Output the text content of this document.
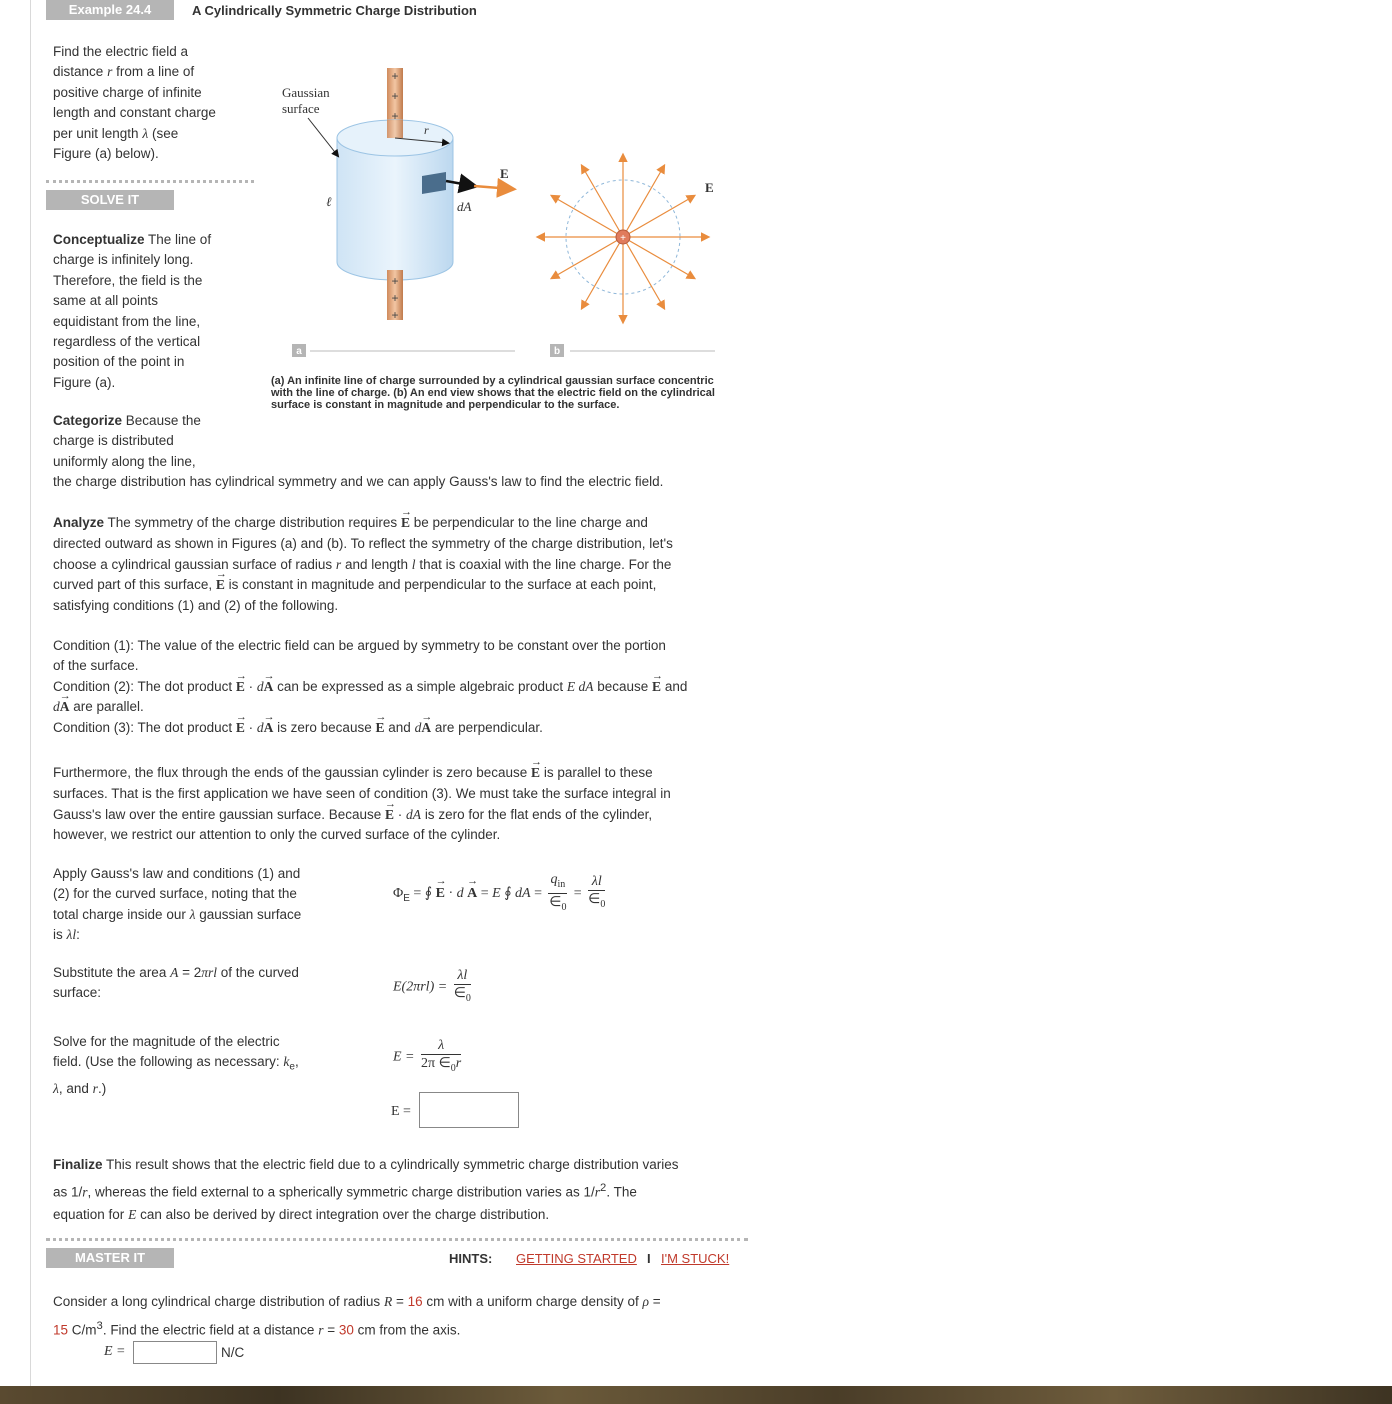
Example 24.4	A Cylindrically Symmetric Charge Distribution
Find the electric field a
distance r from a line of
positive charge of infinite
length and constant charge
per unit length λ (see
Figure (a) below).
SOLVE IT
Conceptualize The line of
charge is infinitely long.
Therefore, the field is the
same at all points
equidistant from the line,
regardless of the vertical
position of the point in
Figure (a).
+
+
+
+
+
+
r
dA
E
Gaussian
surface
ℓ
+
E
a	b
(a) An infinite line of charge surrounded by a cylindrical gaussian surface concentric with the line of charge. (b) An end view shows that the electric field on the cylindrical surface is constant in magnitude and perpendicular to the surface.
Categorize Because the
charge is distributed
uniformly along the line,
the charge distribution has cylindrical symmetry and we can apply Gauss's law to find the electric field.
Analyze The symmetry of the charge distribution requires → E be perpendicular to the line charge and
directed outward as shown in Figures (a) and (b). To reflect the symmetry of the charge distribution, let's
choose a cylindrical gaussian surface of radius r and length l that is coaxial with the line charge. For the
curved part of this surface, → E is constant in magnitude and perpendicular to the surface at each point,
satisfying conditions (1) and (2) of the following.
Condition (1): The value of the electric field can be argued by symmetry to be constant over the portion
of the surface.
Condition (2): The dot product → E · d→ A can be expressed as a simple algebraic product E dA because → E and
d→ A are parallel.
Condition (3): The dot product → E · d→ A is zero because → E and d→ A are perpendicular.
Furthermore, the flux through the ends of the gaussian cylinder is zero because → E is parallel to these
surfaces. That is the first application we have seen of condition (3). We must take the surface integral in
Gauss's law over the entire gaussian surface. Because → E · dA is zero for the flat ends of the cylinder,
however, we restrict our attention to only the curved surface of the cylinder.
Apply Gauss's law and conditions (1) and
(2) for the curved surface, noting that the
total charge inside our λ gaussian surface
is λl:
$\Phi_E$ = ∮ → E · d → A = E ∮ dA = $\frac{q_{in}}{\in_0} = \frac{\lambda l}{\in_0}$
Substitute the area A = 2πrl of the curved
surface:	$E(2\pi rl) = \frac{\lambda l}{\in_0}$
Solve for the magnitude of the electric
field. (Use the following as necessary: $k_e$,
λ, and r.)
$E = \frac{\lambda}{2\pi \in_0r}$
E =
Finalize This result shows that the electric field due to a cylindrically symmetric charge distribution varies
as 1/r, whereas the field external to a spherically symmetric charge distribution varies as $1/r^2$. The
equation for E can also be derived by direct integration over the charge distribution.
MASTER IT	HINTS: GETTING STARTED I I'M STUCK!
Consider a long cylindrical charge distribution of radius R = 16 cm with a uniform charge density of ρ =
15 $C/m^3$. Find the electric field at a distance r = 30 cm from the axis.
E =	N/C
